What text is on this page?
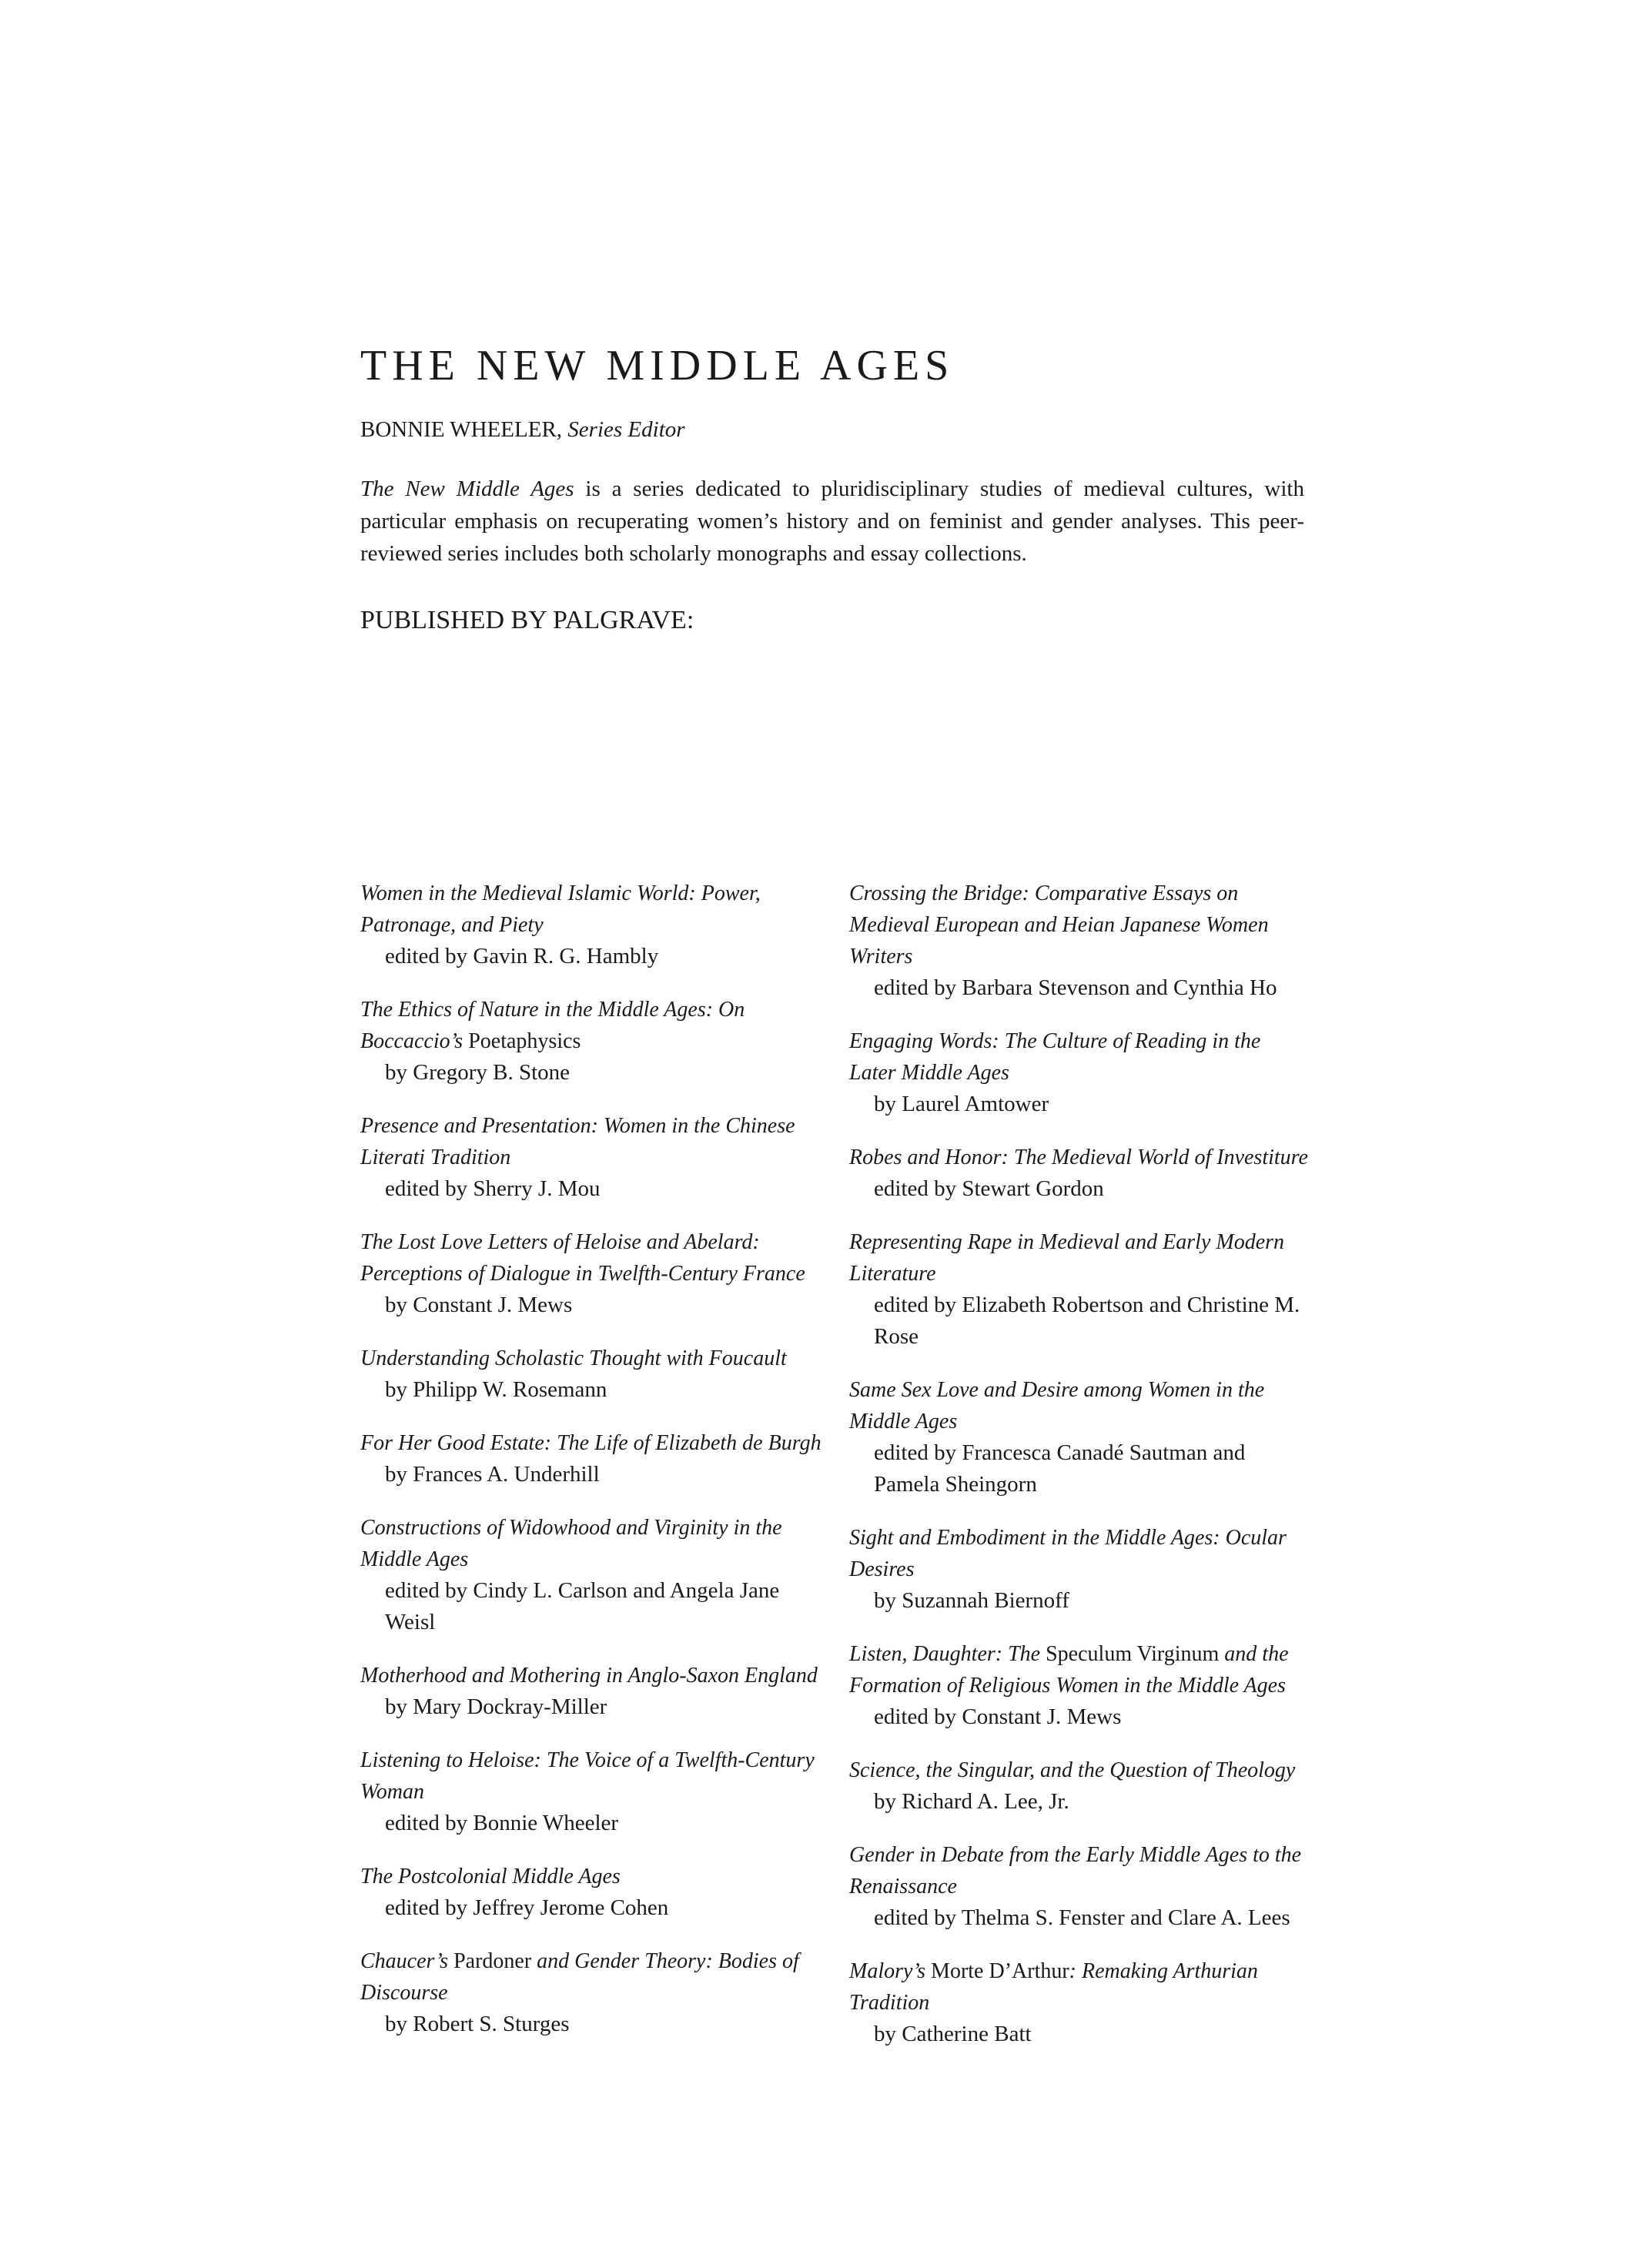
THE NEW MIDDLE AGES
BONNIE WHEELER, Series Editor
The New Middle Ages is a series dedicated to pluridisciplinary studies of medieval cultures, with particular emphasis on recuperating women’s history and on feminist and gender analyses. This peer-reviewed series includes both scholarly monographs and essay collections.
PUBLISHED BY PALGRAVE:
Women in the Medieval Islamic World: Power, Patronage, and Piety
edited by Gavin R. G. Hambly
The Ethics of Nature in the Middle Ages: On Boccaccio’s Poetaphysics
by Gregory B. Stone
Presence and Presentation: Women in the Chinese Literati Tradition
edited by Sherry J. Mou
The Lost Love Letters of Heloise and Abelard: Perceptions of Dialogue in Twelfth-Century France
by Constant J. Mews
Understanding Scholastic Thought with Foucault
by Philipp W. Rosemann
For Her Good Estate: The Life of Elizabeth de Burgh
by Frances A. Underhill
Constructions of Widowhood and Virginity in the Middle Ages
edited by Cindy L. Carlson and Angela Jane Weisl
Motherhood and Mothering in Anglo-Saxon England
by Mary Dockray-Miller
Listening to Heloise: The Voice of a Twelfth-Century Woman
edited by Bonnie Wheeler
The Postcolonial Middle Ages
edited by Jeffrey Jerome Cohen
Chaucer’s Pardoner and Gender Theory: Bodies of Discourse
by Robert S. Sturges
Crossing the Bridge: Comparative Essays on Medieval European and Heian Japanese Women Writers
edited by Barbara Stevenson and Cynthia Ho
Engaging Words: The Culture of Reading in the Later Middle Ages
by Laurel Amtower
Robes and Honor: The Medieval World of Investiture
edited by Stewart Gordon
Representing Rape in Medieval and Early Modern Literature
edited by Elizabeth Robertson and Christine M. Rose
Same Sex Love and Desire among Women in the Middle Ages
edited by Francesca Canadé Sautman and Pamela Sheingorn
Sight and Embodiment in the Middle Ages: Ocular Desires
by Suzannah Biernoff
Listen, Daughter: The Speculum Virginum and the Formation of Religious Women in the Middle Ages
edited by Constant J. Mews
Science, the Singular, and the Question of Theology
by Richard A. Lee, Jr.
Gender in Debate from the Early Middle Ages to the Renaissance
edited by Thelma S. Fenster and Clare A. Lees
Malory’s Morte D’Arthur: Remaking Arthurian Tradition
by Catherine Batt
